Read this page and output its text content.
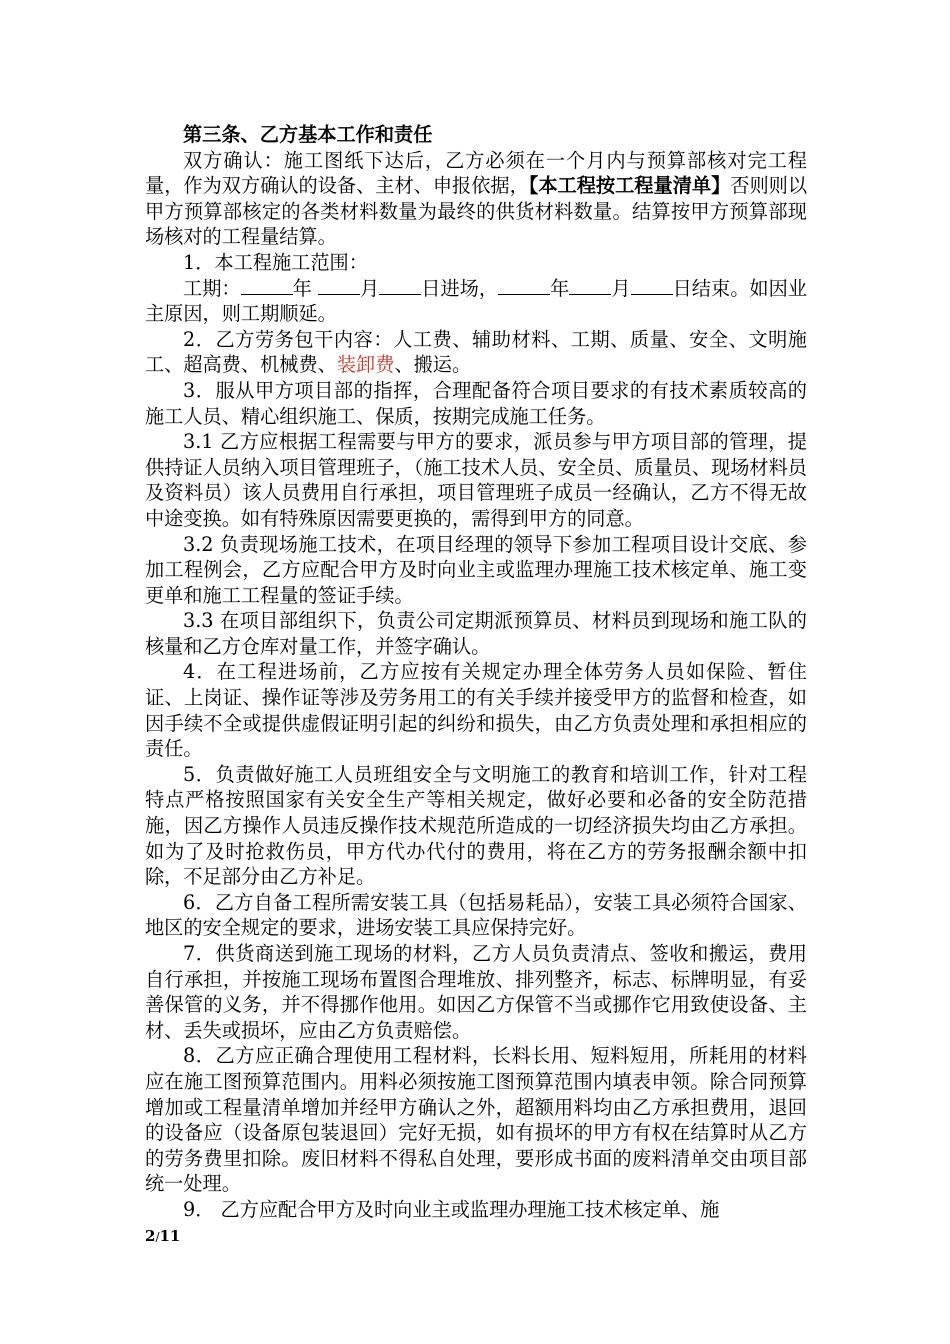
第三条、乙方基本工作和责任

双方确认：施工图纸下达后，乙方必须在一个月内与预算部核对完工程量，作为双方确认的设备、主材、申报依据，【本工程按工程量清单】否则则以甲方预算部核定的各类材料数量为最终的供货材料数量。结算按甲方预算部现场核对的工程量结算。

1．本工程施工范围：

工期：	年	月 日进场，	年 月 日结束。如因业主原因，则工期顺延。

2．乙方劳务包干内容：人工费、辅助材料、工期、质量、安全、文明施工、超高费、机械费、装卸费、搬运。

3．服从甲方项目部的指挥，合理配备符合项目要求的有技术素质较高的施工人员、精心组织施工、保质，按期完成施工任务。

3.1 乙方应根据工程需要与甲方的要求，派员参与甲方项目部的管理，提供持证人员纳入项目管理班子，（施工技术人员、安全员、质量员、现场材料员及资料员）该人员费用自行承担，项目管理班子成员一经确认，乙方不得无故中途变换。如有特殊原因需要更换的，需得到甲方的同意。

3.2 负责现场施工技术，在项目经理的领导下参加工程项目设计交底、参加工程例会，乙方应配合甲方及时向业主或监理办理施工技术核定单、施工变更单和施工工程量的签证手续。

3.3 在项目部组织下，负责公司定期派预算员、材料员到现场和施工队的核量和乙方仓库对量工作，并签字确认。

4．在工程进场前，乙方应按有关规定办理全体劳务人员如保险、暂住证、上岗证、操作证等涉及劳务用工的有关手续并接受甲方的监督和检查，如因手续不全或提供虚假证明引起的纠纷和损失，由乙方负责处理和承担相应的责任。

5．负责做好施工人员班组安全与文明施工的教育和培训工作，针对工程特点严格按照国家有关安全生产等相关规定，做好必要和必备的安全防范措施，因乙方操作人员违反操作技术规范所造成的一切经济损失均由乙方承担。如为了及时抢救伤员，甲方代办代付的费用，将在乙方的劳务报酬余额中扣除，不足部分由乙方补足。

6．乙方自备工程所需安装工具（包括易耗品），安装工具必须符合国家、地区的安全规定的要求，进场安装工具应保持完好。

7．供货商送到施工现场的材料，乙方人员负责清点、签收和搬运，费用自行承担，并按施工现场布置图合理堆放、排列整齐，标志、标牌明显，有妥善保管的义务，并不得挪作他用。如因乙方保管不当或挪作它用致使设备、主材、丢失或损坏，应由乙方负责赔偿。

8．乙方应正确合理使用工程材料，长料长用、短料短用，所耗用的材料应在施工图预算范围内。用料必须按施工图预算范围内填表申领。除合同预算增加或工程量清单增加并经甲方确认之外，超额用料均由乙方承担费用，退回的设备应（设备原包装退回）完好无损，如有损坏的甲方有权在结算时从乙方的劳务费里扣除。废旧材料不得私自处理，要形成书面的废料清单交由项目部统一处理。

9． 乙方应配合甲方及时向业主或监理办理施工技术核定单、施

2/11
